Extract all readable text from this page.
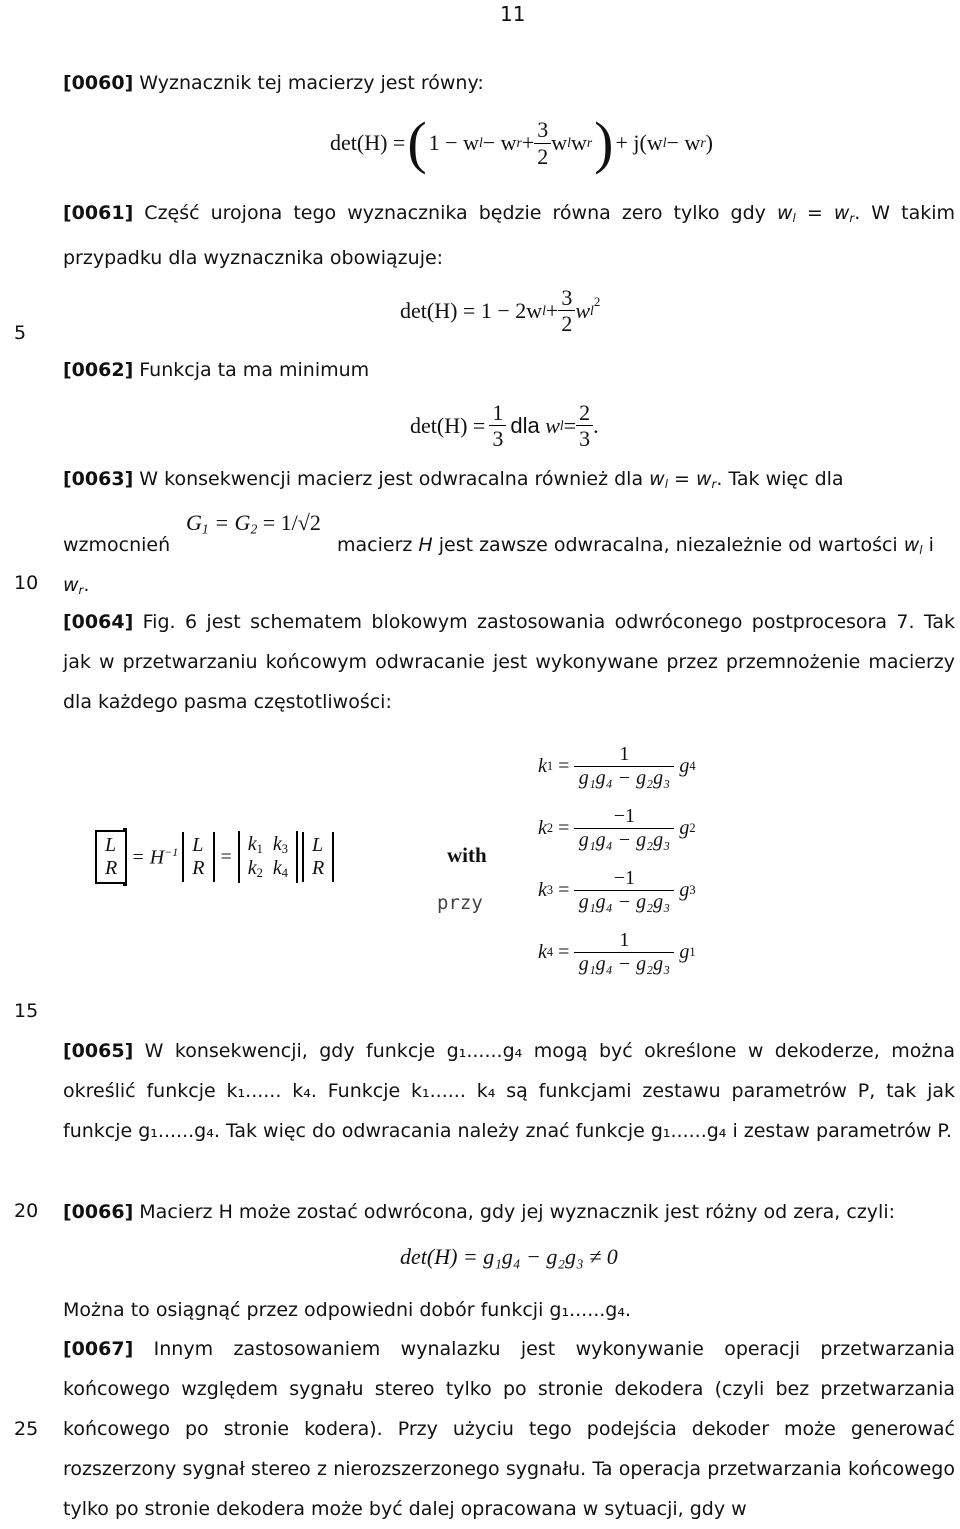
11
5
10
15
20
25
[0060] Wyznacznik tej macierzy jest równy:
det(H) = ( 1 − w l − w $r + \frac{3}{2}$ w l w r ) + j(w l − w r )
[0061] Część urojona tego wyznacznika będzie równa zero tylko gdy $w_l = w_r$. W takim przypadku dla wyznacznika obowiązuje:
det(H) = 1 − 2w $l + \frac{3}{2}$ w l
$^2$
[0062] Funkcja ta ma minimum
$\det(H) = \frac{1}{3}$ dla
w $l = \frac{2}{3}$ .
[0063] W konsekwencji macierz jest odwracalna również dla $w_l = w_r$. Tak więc dla
wzmocnień
$G_1 = G_2 = 1/√2$
macierz H jest zawsze odwracalna, niezależnie od wartości $w_l$ i
$w_r$.
[0064] Fig. 6 jest schematem blokowym zastosowania odwróconego postprocesora 7. Tak jak w przetwarzaniu końcowym odwracanie jest wykonywane przez przemnożenie macierzy dla każdego pasma częstotliwości:
L
$R = H^{-1}$ L
R
=
$k_1$ $k_3$
$k_2$ $k_4$
L
R
with
przy
k $1 = \frac{1}{\text{g₁g₄ − g₂g₃}}$
g 4
k $2 = \frac{-1}{\text{g₁g₄ − g₂g₃}}$
g 2
k $3 = \frac{-1}{\text{g₁g₄ − g₂g₃}}$
g 3
k $4 = \frac{1}{\text{g₁g₄ − g₂g₃}}$
g 1
[0065] W konsekwencji, gdy funkcje g₁......g₄ mogą być określone w dekoderze, można określić funkcje k₁...... k₄. Funkcje k₁...... k₄ są funkcjami zestawu parametrów P, tak jak funkcje g₁......g₄. Tak więc do odwracania należy znać funkcje g₁......g₄ i zestaw parametrów P.
[0066] Macierz H może zostać odwrócona, gdy jej wyznacznik jest różny od zera, czyli:
det(H) = g₁g₄ − g₂g₃ ≠ 0
Można to osiągnąć przez odpowiedni dobór funkcji g₁......g₄.
[0067] Innym zastosowaniem wynalazku jest wykonywanie operacji przetwarzania końcowego względem sygnału stereo tylko po stronie dekodera (czyli bez przetwarzania końcowego po stronie kodera). Przy użyciu tego podejścia dekoder może generować rozszerzony sygnał stereo z nierozszerzonego sygnału. Ta operacja przetwarzania końcowego tylko po stronie dekodera może być dalej opracowana w sytuacji, gdy w
